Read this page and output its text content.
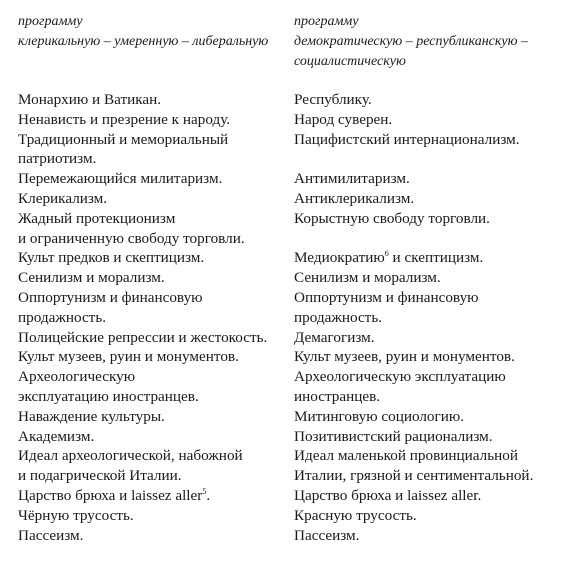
программу
клерикальную – умеренную – либеральную

Монархию и Ватикан.
Ненависть и презрение к народу.
Традиционный и мемориальный
патриотизм.
Перемежающийся милитаризм.
Клерикализм.
Жадный протекционизм
и ограниченную свободу торговли.
Культ предков и скептицизм.
Сенилизм и морализм.
Оппортунизм и финансовую
продажность.
Полицейские репрессии и жестокость.
Культ музеев, руин и монументов.
Археологическую
эксплуатацию иностранцев.
Наваждение культуры.
Академизм.
Идеал археологической, набожной
и подагрической Италии.
Царство брюха и laissez aller$^5$.
Чёрную трусость.
Пассеизм.

программу
демократическую – республиканскую –
социалистическую

Республику.
Народ суверен.
Пацифистский интернационализм.
Антимилитаризм.
Антиклерикализм.
Корыстную свободу торговли.
Медиократию$^6$ и скептицизм.
Сенилизм и морализм.
Оппортунизм и финансовую
продажность.
Демагогизм.
Культ музеев, руин и монументов.
Археологическую эксплуатацию
иностранцев.
Митинговую социологию.
Позитивистский рационализм.
Идеал маленькой провинциальной
Италии, грязной и сентиментальной.
Царство брюха и laissez aller.
Красную трусость.
Пассеизм.
